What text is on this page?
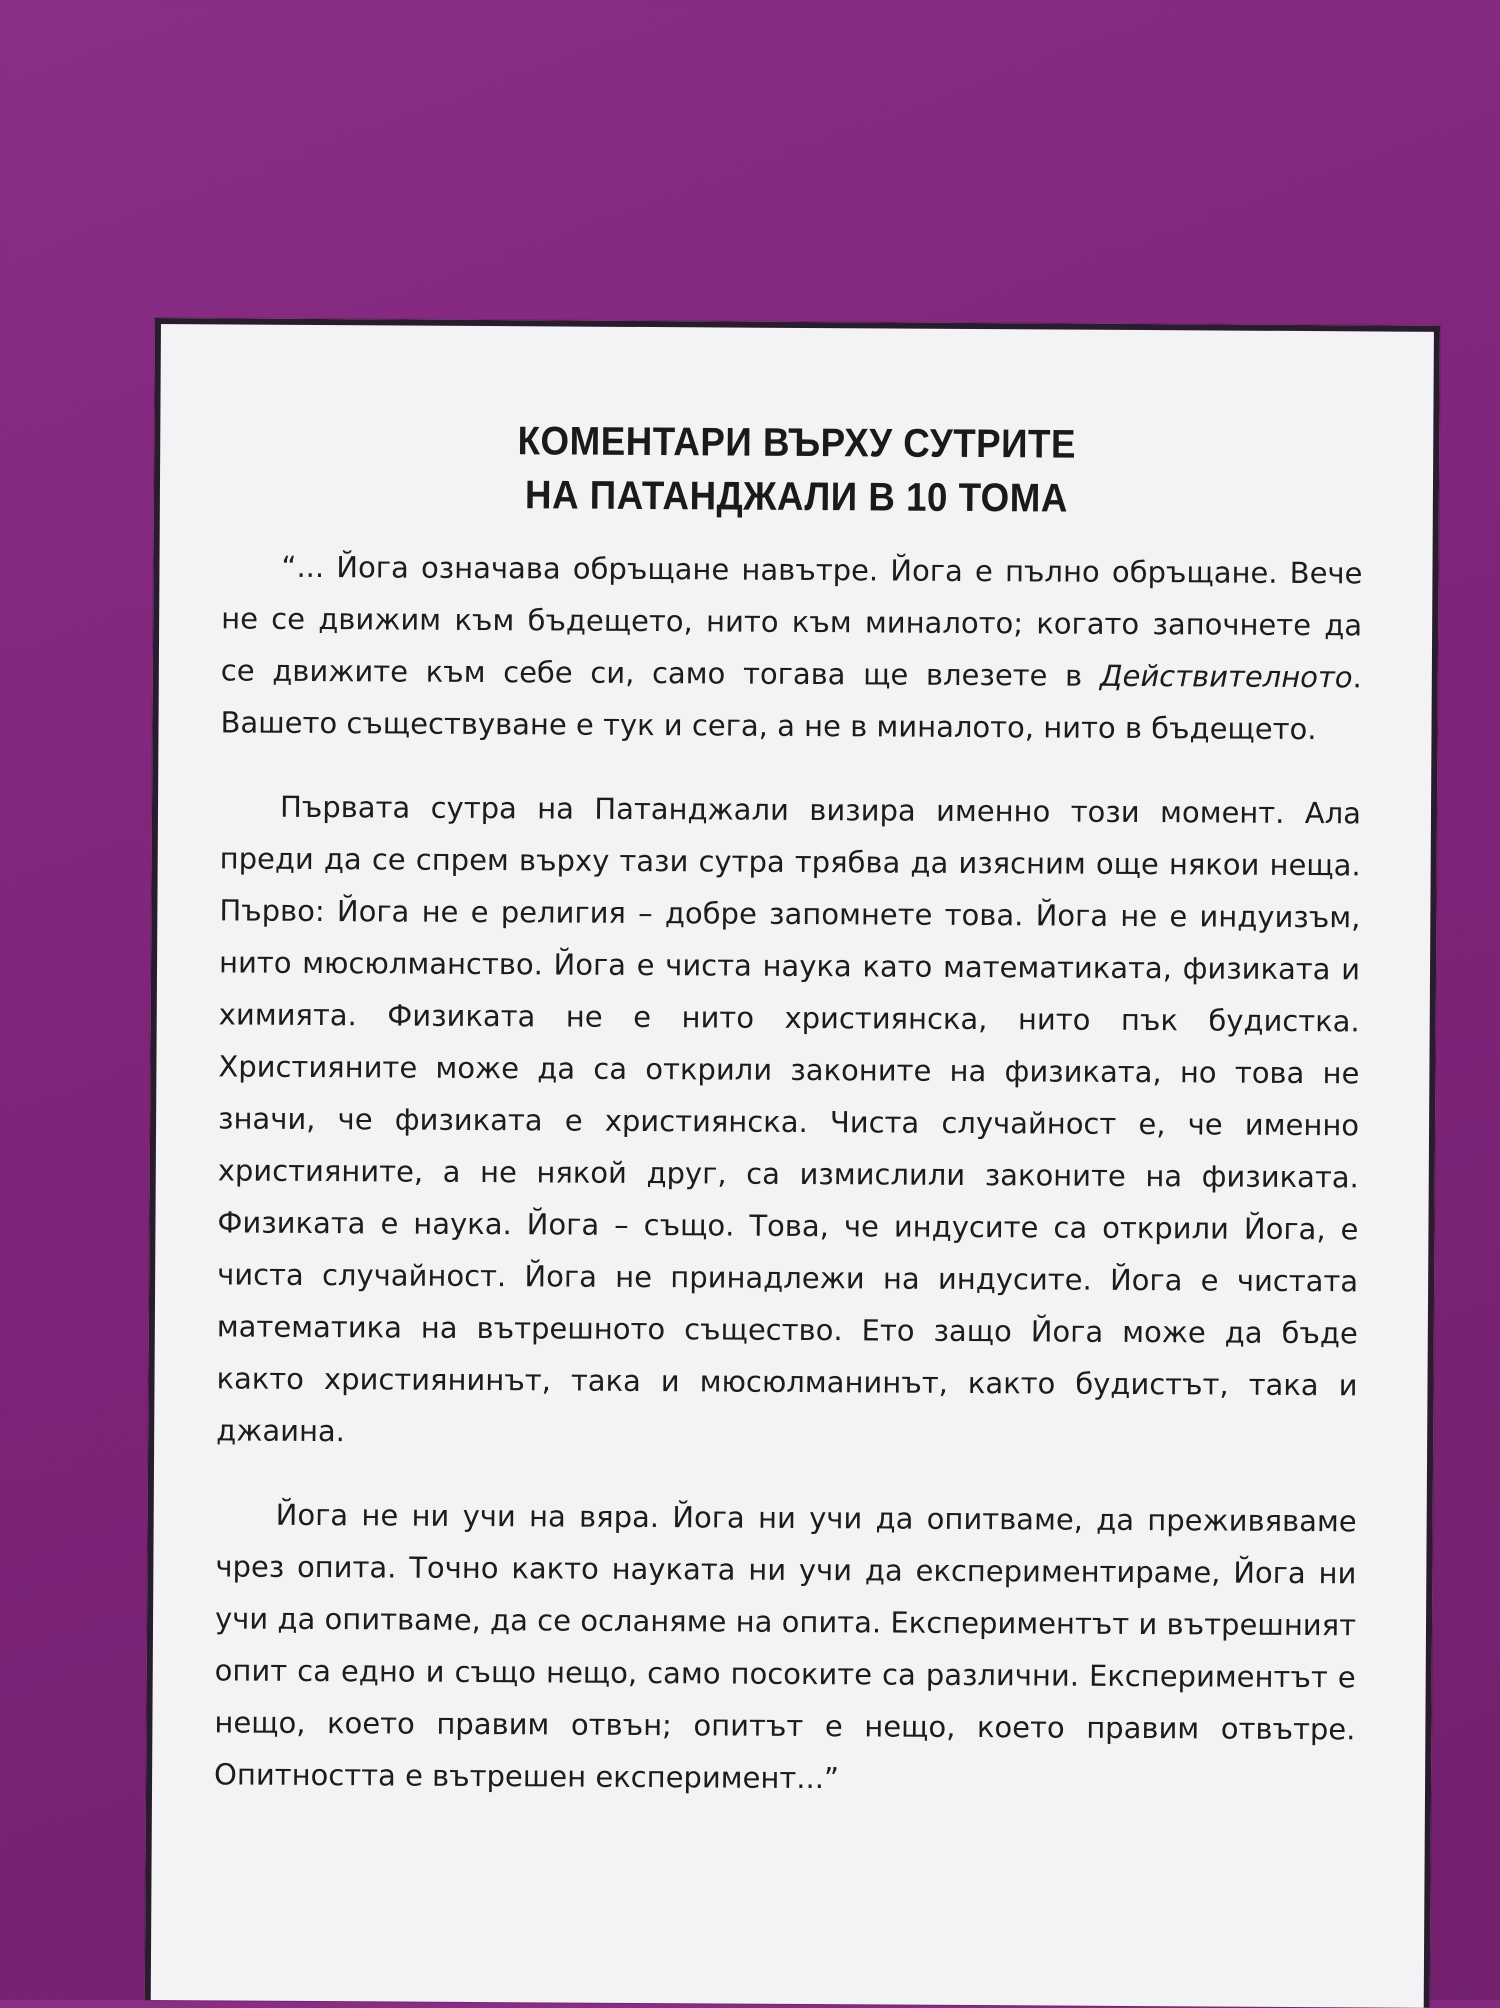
КОМЕНТАРИ ВЪРХУ СУТРИТЕ
НА ПАТАНДЖАЛИ В 10 ТОМА

“... Йога означава обръщане навътре. Йога е пълно обръщане. Вече не се движим към бъдещето, нито към миналото; когато започнете да се движите към себе си, само тогава ще влезете в Действителното. Вашето съществуване е тук и сега, а не в миналото, нито в бъдещето.

Първата сутра на Патанджали визира именно този момент. Ала преди да се спрем върху тази сутра трябва да изясним още някои неща. Първо: Йога не е религия – добре запомнете това. Йога не е индуизъм, нито мюсюлманство. Йога е чиста наука като математиката, физиката и химията. Физиката не е нито християнска, нито пък будистка. Християните може да са открили законите на физиката, но това не значи, че физиката е християнска. Чиста случайност е, че именно християните, а не някой друг, са измислили законите на физиката. Физиката е наука. Йога – също. Това, че индусите са открили Йога, е чиста случайност. Йога не принадлежи на индусите. Йога е чистата математика на вътрешното същество. Ето защо Йога може да бъде както християнинът, така и мюсюлманинът, както будистът, така и джаина.

Йога не ни учи на вяра. Йога ни учи да опитваме, да преживяваме чрез опита. Точно както науката ни учи да експериментираме, Йога ни учи да опитваме, да се осланяме на опита. Експериментът и вътрешният опит са едно и също нещо, само посоките са различни. Експериментът е нещо, което правим отвън; опитът е нещо, което правим отвътре. Опитността е вътрешен експеримент...”
